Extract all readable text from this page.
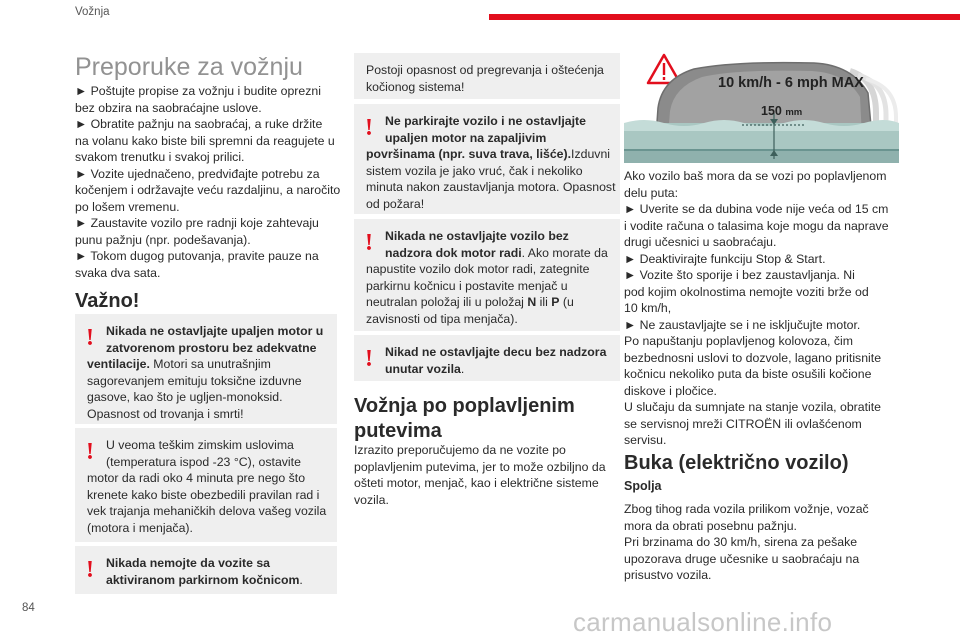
Vožnja
Preporuke za vožnju
► Poštujte propise za vožnju i budite oprezni
bez obzira na saobraćajne uslove.
► Obratite pažnju na saobraćaj, a ruke držite
na volanu kako biste bili spremni da reagujete u
svakom trenutku i svakoj prilici.
► Vozite ujednačeno, predviđajte potrebu za
kočenjem i održavajte veću razdaljinu, a naročito
po lošem vremenu.
► Zaustavite vozilo pre radnji koje zahtevaju
punu pažnju (npr. podešavanja).
► Tokom dugog putovanja, pravite pauze na
svaka dva sata.
Važno!
! Nikada ne ostavljajte upaljen motor u
zatvorenom prostoru bez adekvatne
ventilacije. Motori sa unutrašnjim
sagorevanjem emituju toksične izduvne
gasove, kao što je ugljen-monoksid.
Opasnost od trovanja i smrti!
! U veoma teškim zimskim uslovima
(temperatura ispod -23 °C), ostavite
motor da radi oko 4 minuta pre nego što
krenete kako biste obezbedili pravilan rad i
vek trajanja mehaničkih delova vašeg vozila
(motora i menjača).
! Nikada nemojte da vozite sa
aktiviranom parkirnom kočnicom.
Postoji opasnost od pregrevanja i oštećenja
kočionog sistema!
! Ne parkirajte vozilo i ne ostavljajte
upaljen motor na zapaljivim
površinama (npr. suva trava, lišće).Izduvni
sistem vozila je jako vruć, čak i nekoliko
minuta nakon zaustavljanja motora. Opasnost
od požara!
! Nikada ne ostavljajte vozilo bez
nadzora dok motor radi. Ako morate da
napustite vozilo dok motor radi, zategnite
parkirnu kočnicu i postavite menjač u
neutralan položaj ili u položaj N ili P (u
zavisnosti od tipa menjača).
! Nikad ne ostavljajte decu bez nadzora
unutar vozila.
Vožnja po poplavljenim
putevima
Izrazito preporučujemo da ne vozite po
poplavljenim putevima, jer to može ozbiljno da
ošteti motor, menjač, kao i električne sisteme
vozila.
10 km/h - 6 mph MAX
150 mm
Ako vozilo baš mora da se vozi po poplavljenom
delu puta:
► Uverite se da dubina vode nije veća od 15 cm
i vodite računa o talasima koje mogu da naprave
drugi učesnici u saobraćaju.
► Deaktivirajte funkciju Stop & Start.
► Vozite što sporije i bez zaustavljanja. Ni
pod kojim okolnostima nemojte voziti brže od
10 km/h,
► Ne zaustavljajte se i ne isključujte motor.
Po napuštanju poplavljenog kolovoza, čim
bezbednosni uslovi to dozvole, lagano pritisnite
kočnicu nekoliko puta da biste osušili kočione
diskove i pločice.
U slučaju da sumnjate na stanje vozila, obratite
se servisnoj mreži CITROËN ili ovlašćenom
servisu.
Buka (električno vozilo)
Spolja
Zbog tihog rada vozila prilikom vožnje, vozač
mora da obrati posebnu pažnju.
Pri brzinama do 30 km/h, sirena za pešake
upozorava druge učesnike u saobraćaju na
prisustvo vozila.
84	carmanualsonline.info
